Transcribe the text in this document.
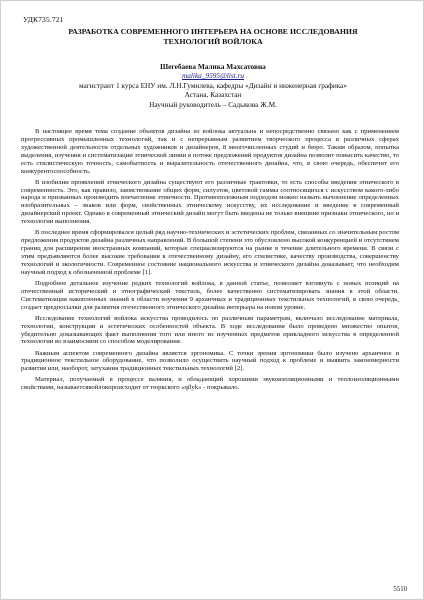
УДК735.721
РАЗРАБОТКА СОВРЕМЕННОГО ИНТЕРЬЕРА НА ОСНОВЕ ИССЛЕДОВАНИЯ ТЕХНОЛОГИЙ ВОЙЛОКА
Шегебаева Малика Махсатовна
malika_9595@list.ru
магистрант 1 курса ЕНУ им. Л.Н.Гумилева, кафедры «Дизайн и инженерная графика»
Астана, Казахстан
Научный руководитель – Садыкова Ж.М.

В настоящее время тема создание объектов дизайна из войлока актуальна и непосредственно связано как с применением прогрессивных промышленных технологий, так и с непрерывным развитием творческого процесса в различных сферах художественной деятельности отдельных художников и дизайнеров, 8 многочисленных студий и бюро. Таким образом, попытка выделения, изучения и систематизации этнической линии в потоке предложений продуктов дизайна позволит повысить качество, то есть стилистическую точность, самобытность и выразительность отечественного дизайна, что, в свою очередь, обеспечит его конкурентоспособность.

В изобилии проявлений этнического дизайна существуют его различные трактовки, то есть способы введения этнического в современность. Это, как правило, заимствование общих форм, силуэтов, цветовой гаммы соотносящихся с искусством какого-либо народа и призванных производить впечатление этничности. Противоположным подходом можно назвать вычленение определенных изобразительных – знаков или форм, свойственных этническому искусству, их исследование и введение в современный дизайнерский проект. Однако в современный этнический дизайн могут быть введены не только внешние признаки этнического, но и технологии выполнения.

В последнее время сформировался целый ряд научно-технических и эстетических проблем, связанных со значительным ростом предложения продуктов дизайна различных направлений. В большой степени это обусловлено высокой конкуренцией и отсутствием границ для расширения иностранных компаний, которые специализируются на рынке в течение длительного времени. В связи с этим предъявляются более высокие требования к отечественному дизайну, его стилистике, качеству производства, совершенству технологий и экологичности. Современное состояние национального искусства и этнического дизайна доказывает, что необходим научный подход к обозначенной проблеме [1].

Подробное детальное изучение редких технологий войлока, в данной статье, позволяет взглянуть с новых позиций на отечественный исторический и этнографический текстиль, более качественно систематизировать знания в этой области. Систематизация накопленных знаний в области изучения 9 архаичных и традиционных текстильных технологий, в свою очередь, создает предпосылки для развития отечественного этнического дизайна интерьера на новом уровне.

Исследование технологий войлока искусства проводилось по различным параметрам, включало исследование материала, технологии, конструкции и эстетических особенностей объекта. В ходе исследования было проведено множество опытов, убедительно доказывающих факт выполнения того или иного из изученных предметов прикладного искусства в определенной технологии во взаимосвязи со способом моделирования.

Важным аспектом современного дизайна является эргономика. С точки зрения эргономики было изучено архаичное и традиционное текстильное оборудование, что позволило осуществить научный подход к проблеме и выявить закономерности развития или, наоборот, затухания традиционных текстильных технологий [2].

Материал, получаемый в процессе валяния, и обладающий хорошими звукоизоляционными и теплоизоляционными свойствами, называетсявойлокпроисходит от тюркского «qïlyk» - покрывало.

5510
